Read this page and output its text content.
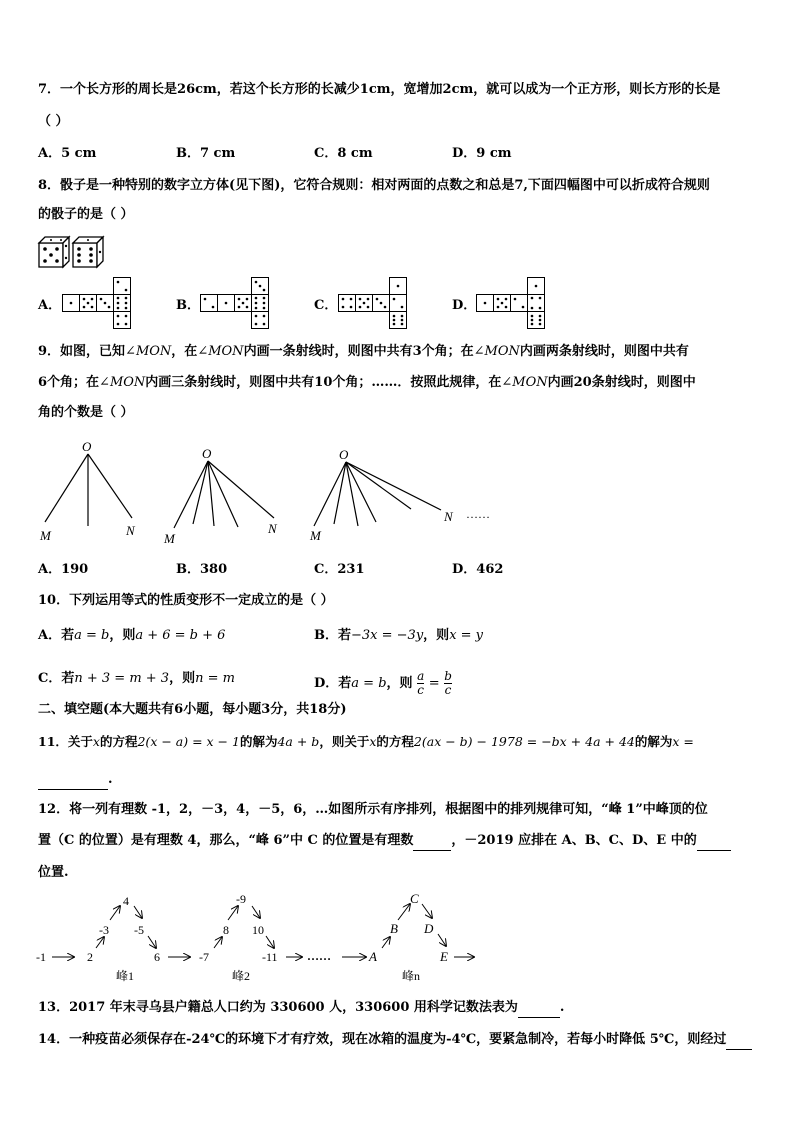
7．一个长方形的周长是26cm，若这个长方形的长减少1cm，宽增加2cm，就可以成为一个正方形，则长方形的长是
（ ）
A．5 cm	B．7 cm	C．8 cm	D．9 cm
8．骰子是一种特别的数字立方体(见下图)，它符合规则：相对两面的点数之和总是7,下面四幅图中可以折成符合规则
的骰子的是（ ）
A．	B．	C．	D．
9．如图，已知∠MON，在∠MON内画一条射线时，则图中共有3个角；在∠MON内画两条射线时，则图中共有
6个角；在∠MON内画三条射线时，则图中共有10个角；……．按照此规律，在∠MON内画20条射线时，则图中
角的个数是（ ）
O
M	N
O
M
N
O
M
N ……
A．190	B．380	C．231	D．462
10．下列运用等式的性质变形不一定成立的是（ ）
A．若a = b，则a + 6 = b + 6	B．若−3x = −3y，则x = y
C．若n + 3 = m + 3，则n = m	D．若a = b，则 $\frac{a}{c} = \frac{b}{c}$
二、填空题(本大题共有6小题，每小题3分，共18分)
11．关于x的方程2(x − a) = x − 1的解为4a + b，则关于x的方程2(ax − b) − 1978 = −bx + 4a + 44的解为x =
.
12．将一列有理数 -1，2，－3，4，－5，6，…如图所示有序排列，根据图中的排列规律可知，“峰 1”中峰顶的位
置（C 的位置）是有理数 4，那么，“峰 6”中 C 的位置是有理数	，－2019 应排在 A、B、C、D、E 中的
位置.
-1	2
-3
4
-5
6	-7
8
-9
10
-11 ……	A
B
C
D
E
峰1	峰2	峰n
13．2017 年末寻乌县户籍总人口约为 330600 人，330600 用科学记数法表为	.
14．一种疫苗必须保存在-24℃的环境下才有疗效，现在冰箱的温度为-4℃，要紧急制冷，若每小时降低 5℃，则经过
